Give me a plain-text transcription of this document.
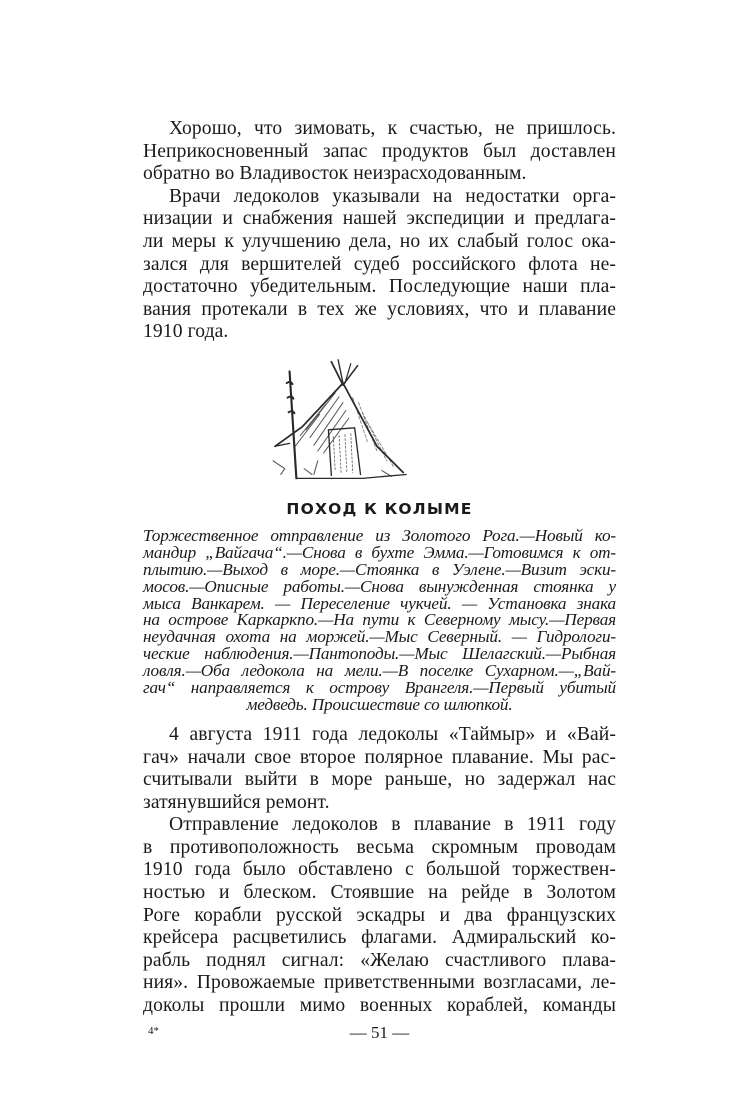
Хорошо, что зимовать, к счастью, не пришлось.
Неприкосновенный запас продуктов был доставлен
обратно во Владивосток неизрасходованным.
Врачи ледоколов указывали на недостатки орга-
низации и снабжения нашей экспедиции и предлага-
ли меры к улучшению дела, но их слабый голос ока-
зался для вершителей судеб российского флота не-
достаточно убедительным. Последующие наши пла-
вания протекали в тех же условиях, что и плавание
1910 года.
ПОХОД К КОЛЫМЕ
Торжественное отправление из Золотого Рога.—Новый ко-
мандир „Вайгача“.—Снова в бухте Эмма.—Готовимся к от-
плытию.—Выход в море.—Стоянка в Уэлене.—Визит эски-
мосов.—Описные работы.—Снова вынужденная стоянка у
мыса Ванкарем. — Переселение чукчей. — Установка знака
на острове Каркаркпо.—На пути к Северному мысу.—Первая
неудачная охота на моржей.—Мыс Северный. — Гидрологи-
ческие наблюдения.—Пантоподы.—Мыс Шелагский.—Рыбная
ловля.—Оба ледокола на мели.—В поселке Сухарном.—„Вай-
гач“ направляется к острову Врангеля.—Первый убитый
медведь. Происшествие со шлюпкой.
4 августа 1911 года ледоколы «Таймыр» и «Вай-
гач» начали свое второе полярное плавание. Мы рас-
считывали выйти в море раньше, но задержал нас
затянувшийся ремонт.
Отправление ледоколов в плавание в 1911 году
в противоположность весьма скромным проводам
1910 года было обставлено с большой торжествен-
ностью и блеском. Стоявшие на рейде в Золотом
Роге корабли русской эскадры и два французских
крейсера расцветились флагами. Адмиральский ко-
рабль поднял сигнал: «Желаю счастливого плава-
ния». Провожаемые приветственными возгласами, ле-
доколы прошли мимо военных кораблей, команды
4*	— 51 —
